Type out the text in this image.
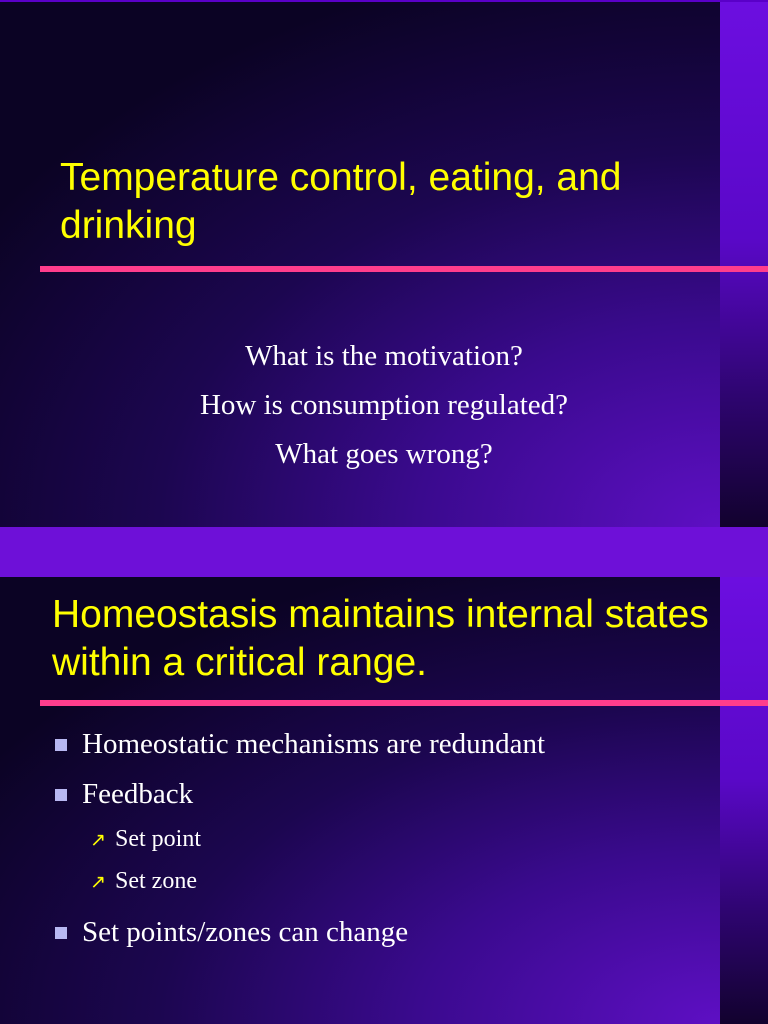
Temperature control, eating, and drinking
What is the motivation?
How is consumption regulated?
What goes wrong?
Homeostasis maintains internal states within a critical range.
Homeostatic mechanisms are redundant
Feedback
↗ Set point
↗ Set zone
Set points/zones can change
